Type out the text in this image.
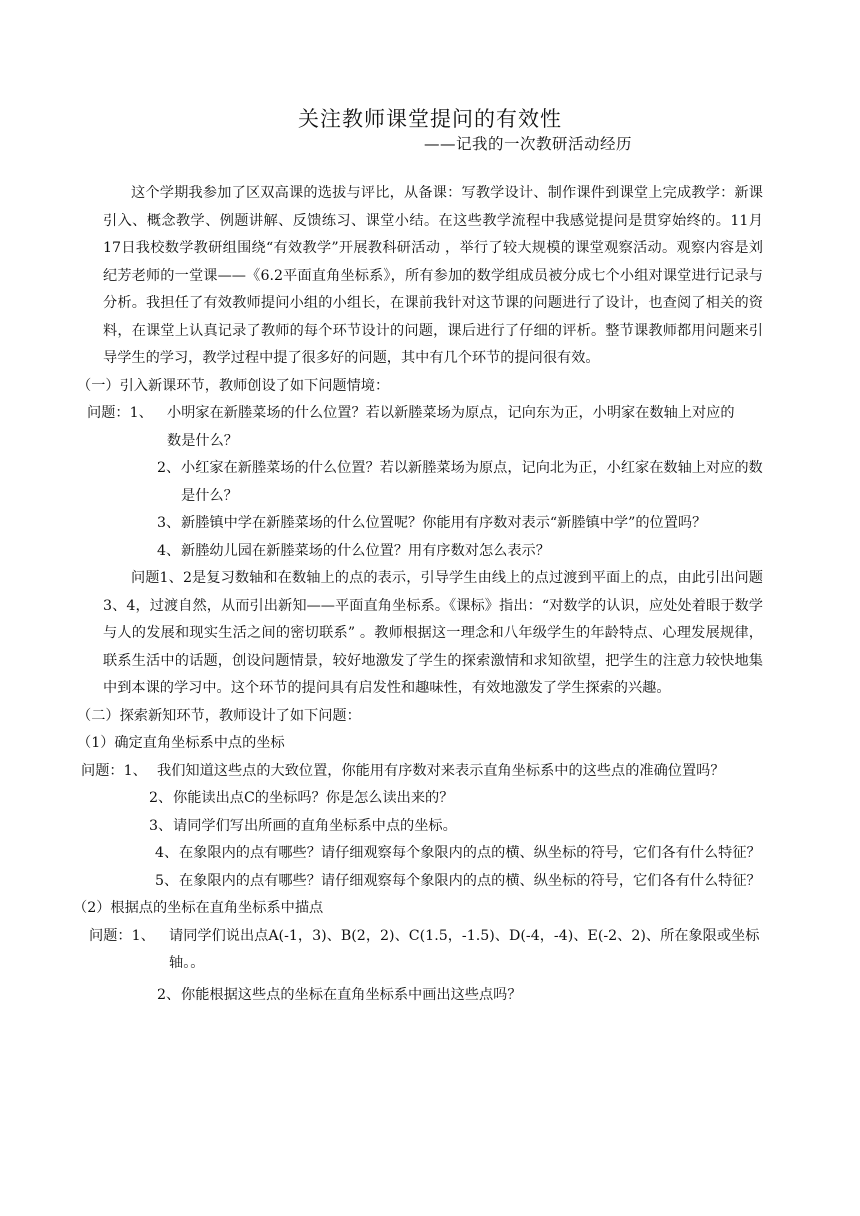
关注教师课堂提问的有效性
——记我的一次教研活动经历

这个学期我参加了区双高课的选拔与评比，从备课：写教学设计、制作课件到课堂上完成教学：新课引入、概念教学、例题讲解、反馈练习、课堂小结。在这些教学流程中我感觉提问是贯穿始终的。11月17日我校数学教研组围绕“有效教学”开展教科研活动 ，举行了较大规模的课堂观察活动。观察内容是刘纪芳老师的一堂课——《6.2平面直角坐标系》，所有参加的数学组成员被分成七个小组对课堂进行记录与分析。我担任了有效教师提问小组的小组长，在课前我针对这节课的问题进行了设计，也查阅了相关的资料，在课堂上认真记录了教师的每个环节设计的问题，课后进行了仔细的评析。整节课教师都用问题来引导学生的学习，教学过程中提了很多好的问题，其中有几个环节的提问很有效。

（一）引入新课环节，教师创设了如下问题情境：

问题：1、 小明家在新塍菜场的什么位置？若以新塍菜场为原点，记向东为正，小明家在数轴上对应的数是什么？
2、 小红家在新塍菜场的什么位置？若以新塍菜场为原点，记向北为正，小红家在数轴上对应的数是什么？
3、 新塍镇中学在新塍菜场的什么位置呢？你能用有序数对表示“新塍镇中学”的位置吗？
4、 新塍幼儿园在新塍菜场的什么位置？用有序数对怎么表示？

问题1、2是复习数轴和在数轴上的点的表示，引导学生由线上的点过渡到平面上的点，由此引出问题3、4，过渡自然，从而引出新知——平面直角坐标系。《课标》指出：“对数学的认识，应处处着眼于数学与人的发展和现实生活之间的密切联系” 。教师根据这一理念和八年级学生的年龄特点、心理发展规律，联系生活中的话题，创设问题情景，较好地激发了学生的探索激情和求知欲望，把学生的注意力较快地集中到本课的学习中。这个环节的提问具有启发性和趣味性，有效地激发了学生探索的兴趣。

（二）探索新知环节，教师设计了如下问题：

（1）确定直角坐标系中点的坐标

问题：1、 我们知道这些点的大致位置，你能用有序数对来表示直角坐标系中的这些点的准确位置吗？
2、 你能读出点C的坐标吗？你是怎么读出来的？
3、 请同学们写出所画的直角坐标系中点的坐标。
4、 在象限内的点有哪些？请仔细观察每个象限内的点的横、纵坐标的符号，它们各有什么特征？
5、 在象限内的点有哪些？请仔细观察每个象限内的点的横、纵坐标的符号，它们各有什么特征？

（2）根据点的坐标在直角坐标系中描点

问题：1、 请同学们说出点A(-1，3)、B(2，2)、C(1.5，-1.5)、D(-4，-4)、E(-2、2)、所在象限或坐标轴。。
2、 你能根据这些点的坐标在直角坐标系中画出这些点吗？
